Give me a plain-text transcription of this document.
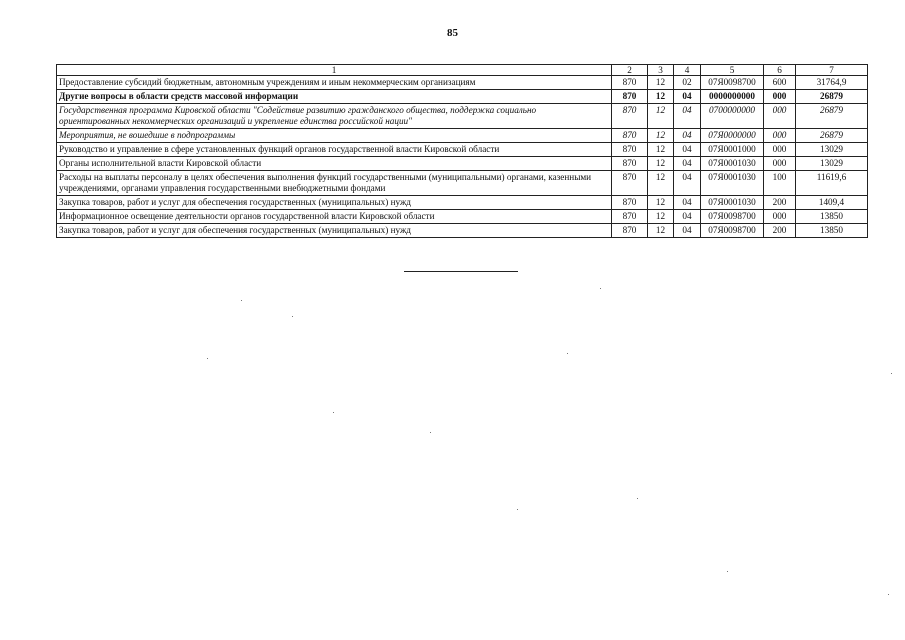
85
1	2	3	4	5	6	7
Предоставление субсидий бюджетным, автономным учреждениям и иным некоммерческим организациям	870	12	02	07Я0098700	600	31764,9
Другие вопросы в области средств массовой информации	870	12	04	0000000000	000	26879
Государственная программа Кировской области "Содействие развитию гражданского общества, поддержка социально ориентированных некоммерческих организаций и укрепление единства российской нации"	870	12	04	0700000000	000	26879
Мероприятия, не вошедшие в подпрограммы	870	12	04	07Я0000000	000	26879
Руководство и управление в сфере установленных функций органов государственной власти Кировской области	870	12	04	07Я0001000	000	13029
Органы исполнительной власти Кировской области	870	12	04	07Я0001030	000	13029
Расходы на выплаты персоналу в целях обеспечения выполнения функций государственными (муниципальными) органами, казенными учреждениями, органами управления государственными внебюджетными фондами	870	12	04	07Я0001030	100	11619,6
Закупка товаров, работ и услуг для обеспечения государственных (муниципальных) нужд	870	12	04	07Я0001030	200	1409,4
Информационное освещение деятельности органов государственной власти Кировской области	870	12	04	07Я0098700	000	13850
Закупка товаров, работ и услуг для обеспечения государственных (муниципальных) нужд	870	12	04	07Я0098700	200	13850
